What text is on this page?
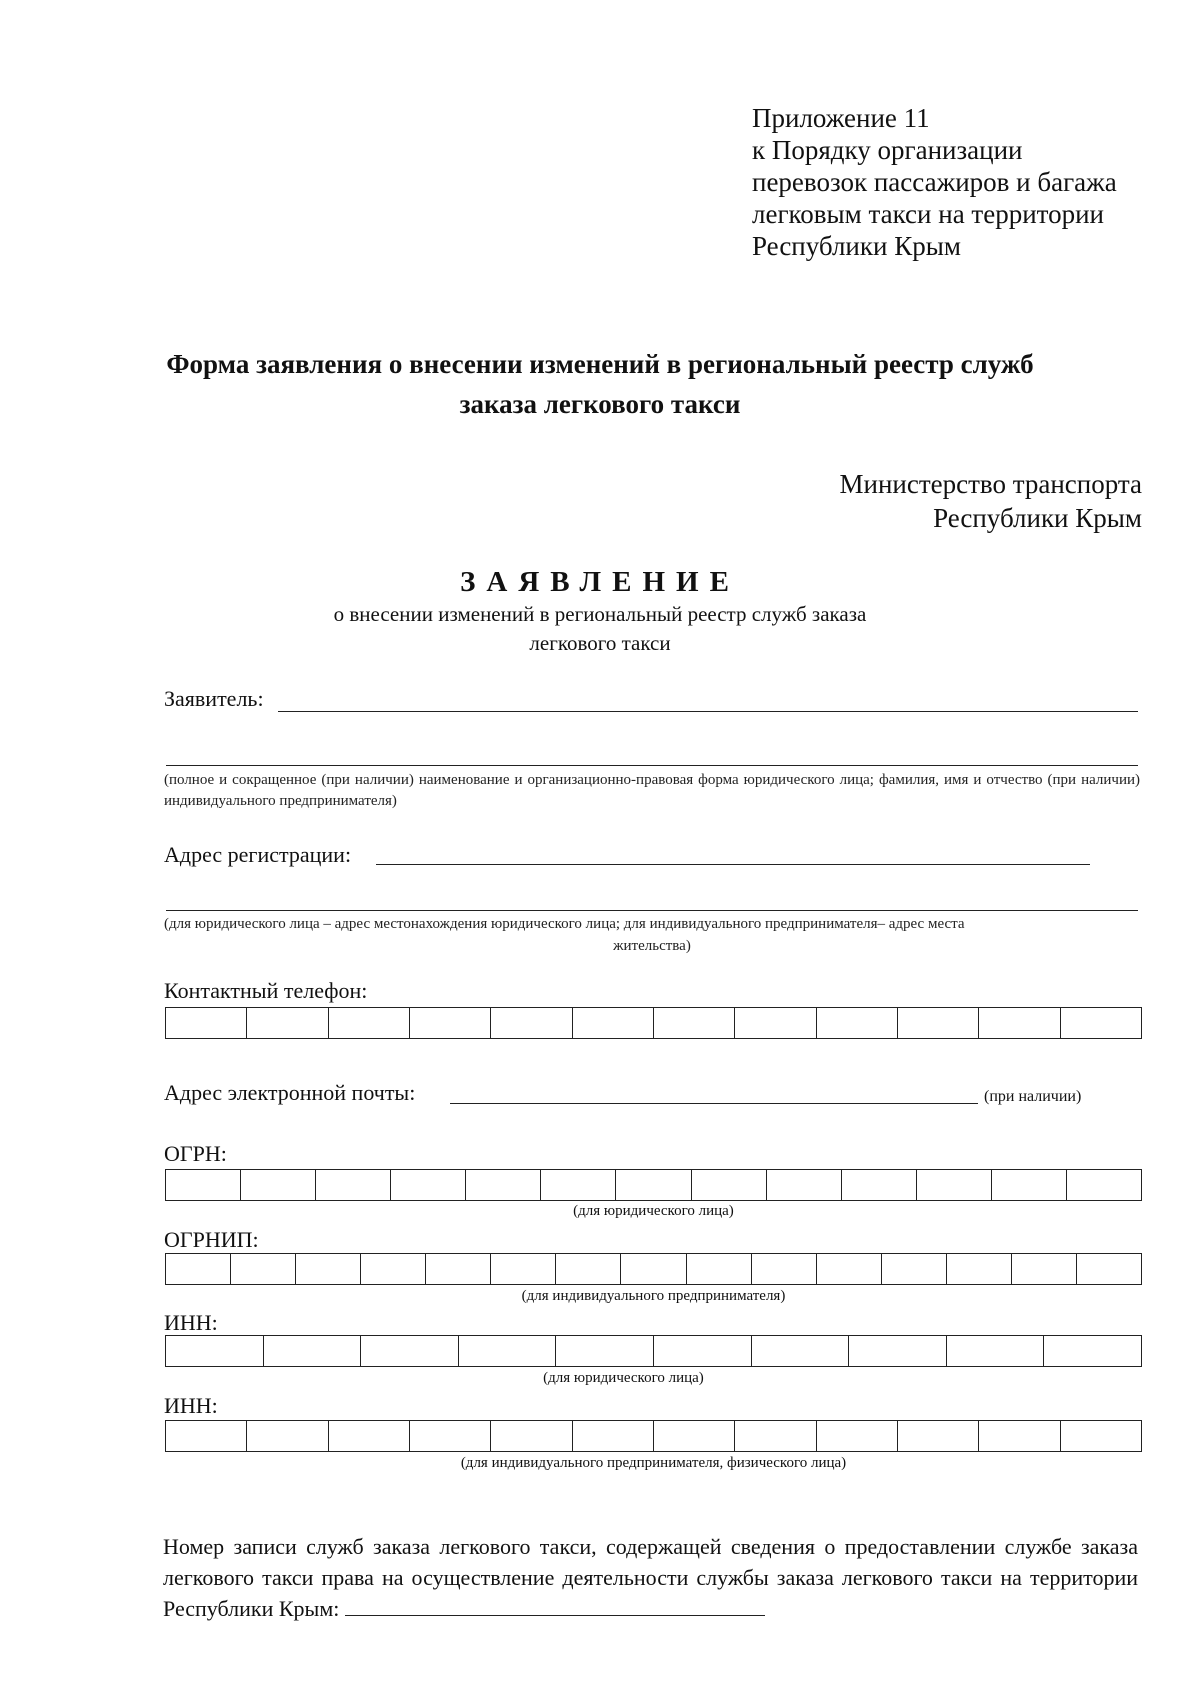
Приложение 11
к Порядку организации
перевозок пассажиров и багажа
легковым такси на территории
Республики Крым
Форма заявления о внесении изменений в региональный реестр служб
заказа легкового такси
Министерство транспорта
Республики Крым
ЗАЯВЛЕНИЕ
о внесении изменений в региональный реестр служб заказа
легкового такси
Заявитель:
(полное и сокращенное (при наличии) наименование и организационно-правовая форма юридического лица; фамилия, имя и отчество (при наличии) индивидуального предпринимателя)
Адрес регистрации:
(для юридического лица – адрес местонахождения юридического лица; для индивидуального предпринимателя– адрес места
жительства)
Контактный телефон:
Адрес электронной почты:	(при наличии)
ОГРН:
(для юридического лица)
ОГРНИП:
(для индивидуального предпринимателя)
ИНН:
(для юридического лица)
ИНН:
(для индивидуального предпринимателя, физического лица)
Номер записи служб заказа легкового такси, содержащей сведения о предоставлении службе заказа легкового такси права на осуществление деятельности службы заказа легкового такси на территории Республики Крым:
